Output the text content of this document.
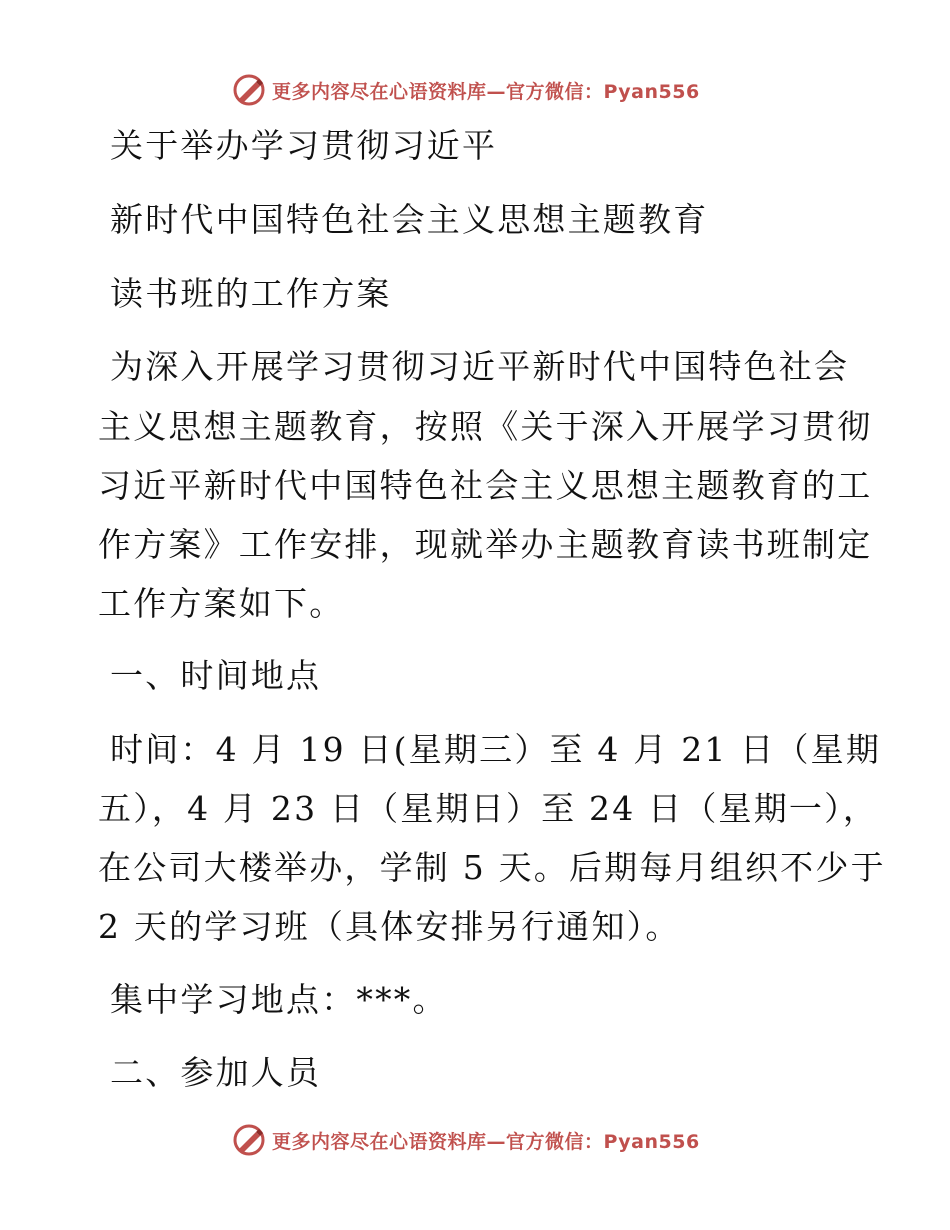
更多内容尽在心语资料库—官方微信：Pyan556
关于举办学习贯彻习近平
新时代中国特色社会主义思想主题教育
读书班的工作方案
为深入开展学习贯彻习近平新时代中国特色社会
主义思想主题教育，按照《关于深入开展学习贯彻
习近平新时代中国特色社会主义思想主题教育的工
作方案》工作安排，现就举办主题教育读书班制定
工作方案如下。
一、时间地点
时间：4 月 19 日(星期三）至 4 月 21 日（星期
五），4 月 23 日（星期日）至 24 日（星期一），
在公司大楼举办，学制 5 天。后期每月组织不少于
2 天的学习班（具体安排另行通知）。
集中学习地点：***。
二、参加人员
更多内容尽在心语资料库—官方微信：Pyan556
